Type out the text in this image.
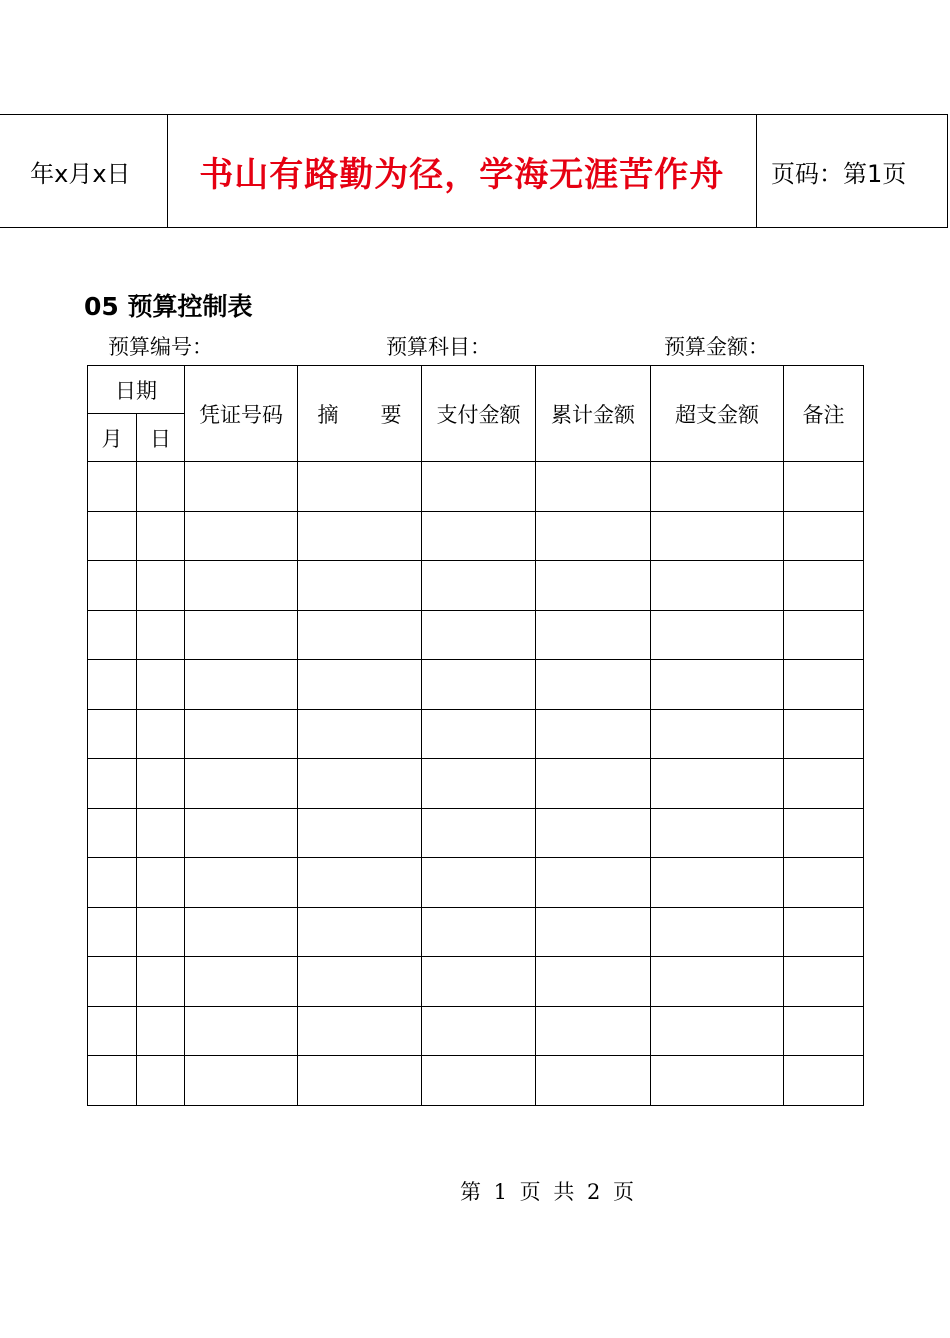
年x月x日	书山有路勤为径，学海无涯苦作舟	页码：第1页
05 预算控制表
预算编号：	预算科目：	预算金额：
日期		凭证号码	摘　　要	支付金额	累计金额	超支金额	备注
月	日						

第 1 页 共 2 页
